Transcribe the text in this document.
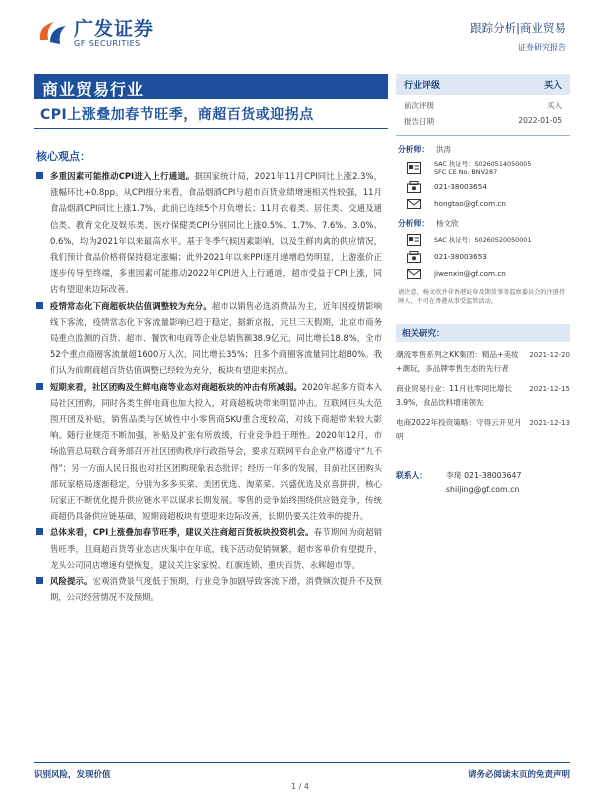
广发证券
GF SECURITIES
跟踪分析|商业贸易
证券研究报告
商业贸易行业
CPI上涨叠加春节旺季，商超百货或迎拐点
核心观点：
多重因素可能推动CPI进入上行通道。据国家统计局，2021年11月CPI同比上涨2.3%，涨幅环比+0.8pp。从CPI细分来看，食品烟酒CPI与超市百货业绩增速相关性较强，11月食品烟酒CPI同比上涨1.7%，此前已连续5个月负增长；11月衣着类、居住类、交通及通信类、教育文化及娱乐类、医疗保健类CPI分别同比上涨0.5%、1.7%、7.6%、3.0%、0.6%，均为2021年以来最高水平。基于冬季气候因素影响，以及生鲜肉禽的供应情况，我们预计食品价格将保持稳定涨幅；此外2021年以来PPI逐月递增趋势明显，上游涨价正逐步传导至终端，多重因素可能推动2022年CPI进入上行通道，超市受益于CPI上涨，同店有望迎来边际改善。
疫情常态化下商超板块估值调整较为充分。超市以销售必选消费品为主，近年因疫情影响线下客流，疫情常态化下客流量影响已趋于稳定，据新京报，元旦三天假期，北京市商务局重点监测的百货、超市、餐饮和电商等企业总销售额38.9亿元，同比增长18.8%，全市52个重点商圈客流量超1600万人次，同比增长35%；且多个商圈客流量同比超80%。我们认为前期商超百货估值调整已经较为充分，板块有望迎来拐点。
短期来看，社区团购及生鲜电商等业态对商超板块的冲击有所减弱。2020年起多方资本入局社区团购，同时各类生鲜电商也加大投入，对商超板块带来明显冲击。互联网巨头大范围开团及补贴，销售品类与区域性中小零售商SKU重合度较高，对线下商超带来较大影响。随行业规范不断加强，补贴及扩张有所放缓，行业竞争趋于理性。2020年12月，市场监管总局联合商务部召开社区团购秩序行政指导会，要求互联网平台企业严格遵守“九不得”；另一方面人民日报也对社区团购现象表态批评；经历一年多的发展，目前社区团购头部玩家格局逐渐稳定，分别为多多买菜、美团优选、淘菜菜、兴盛优选及京喜拼拼，核心玩家正不断优化提升供应链水平以谋求长期发展。零售的竞争始终围绕供应链竞争，传统商超仍具备供应链基础，短期商超板块有望迎来边际改善，长期仍要关注效率的提升。
总体来看，CPI上涨叠加春节旺季，建议关注商超百货板块投资机会。春节期间为商超销售旺季，且商超百货等业态店庆集中在年底，线下活动促销频繁，超市客单价有望提升，龙头公司同店增速有望恢复，建议关注家家悦、红旗连锁、重庆百货、永辉超市等。
风险提示。宏观消费景气度低于预期，行业竞争加剧导致客流下滑，消费频次提升不及预期，公司经营情况不及预期。
行业评级	买入
前次评级	买入
报告日期	2022-01-05
分析师： 洪涛
SAC 执证号：S0260514050005
SFC CE No. BNV287
021-38003654
hongtao@gf.com.cn
分析师： 杨文欣
SAC 执证号：S0260520050001
021-38003653
jiwenxin@gf.com.cn
请注意，杨文欣并非香港证券及期货事务监察委员会的注册持牌人，不可在香港从事受监管活动。
相关研究：
潮流零售系列之KK集团：精品+美妆+潮玩，多品牌零售生态的先行者
2021-12-20
商业贸易行业：11月社零同比增长3.9%，食品饮料增速领先
2021-12-15
电商2022年投资策略：守得云开见月明
2021-12-13
联系人：	李琦 021-38003647
shiijing@gf.com.cn
识别风险，发现价值	请务必阅读末页的免责声明
1 / 4
